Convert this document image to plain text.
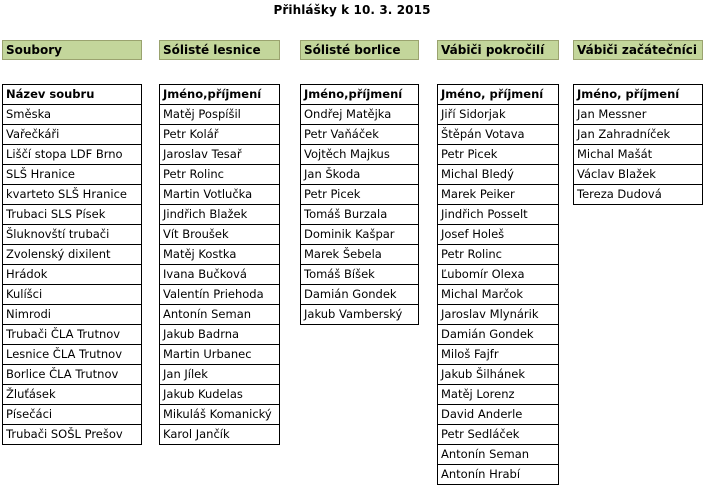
Přihlášky k 10. 3. 2015
Soubory
Název soubru
Směska
Vařečkáři
Liščí stopa LDF Brno
SLŠ Hranice
kvarteto SLŠ Hranice
Trubaci SLS Písek
Šluknovští trubači
Zvolenský dixilent
Hrádok
Kulíšci
Nimrodi
Trubači ČLA Trutnov
Lesnice ČLA Trutnov
Borlice ČLA Trutnov
Žluťásek
Písečáci
Trubači SOŠL Prešov
Sólisté lesnice
Jméno,příjmení
Matěj Pospíšil
Petr Kolář
Jaroslav Tesař
Petr Rolinc
Martin Votlučka
Jindřich Blažek
Vít Broušek
Matěj Kostka
Ivana Bučková
Valentín Priehoda
Antonín Seman
Jakub Badrna
Martin Urbanec
Jan Jílek
Jakub Kudelas
Mikuláš Komanický
Karol Jančík
Sólisté borlice
Jméno,příjmení
Ondřej Matějka
Petr Vaňáček
Vojtěch Majkus
Jan Škoda
Petr Picek
Tomáš Burzala
Dominik Kašpar
Marek Šebela
Tomáš Bíšek
Damián Gondek
Jakub Vamberský
Vábiči pokročilí
Jméno, příjmení
Jiří Sidorjak
Štěpán Votava
Petr Picek
Michal Bledý
Marek Peiker
Jindřich Posselt
Josef Holeš
Petr Rolinc
Ľubomír Olexa
Michal Marčok
Jaroslav Mlynárik
Damián Gondek
Miloš Fajfr
Jakub Šilhánek
Matěj Lorenz
David Anderle
Petr Sedláček
Antonín Seman
Antonín Hrabí
Vábiči začátečníci
Jméno, příjmení
Jan Messner
Jan Zahradníček
Michal Mašát
Václav Blažek
Tereza Dudová
